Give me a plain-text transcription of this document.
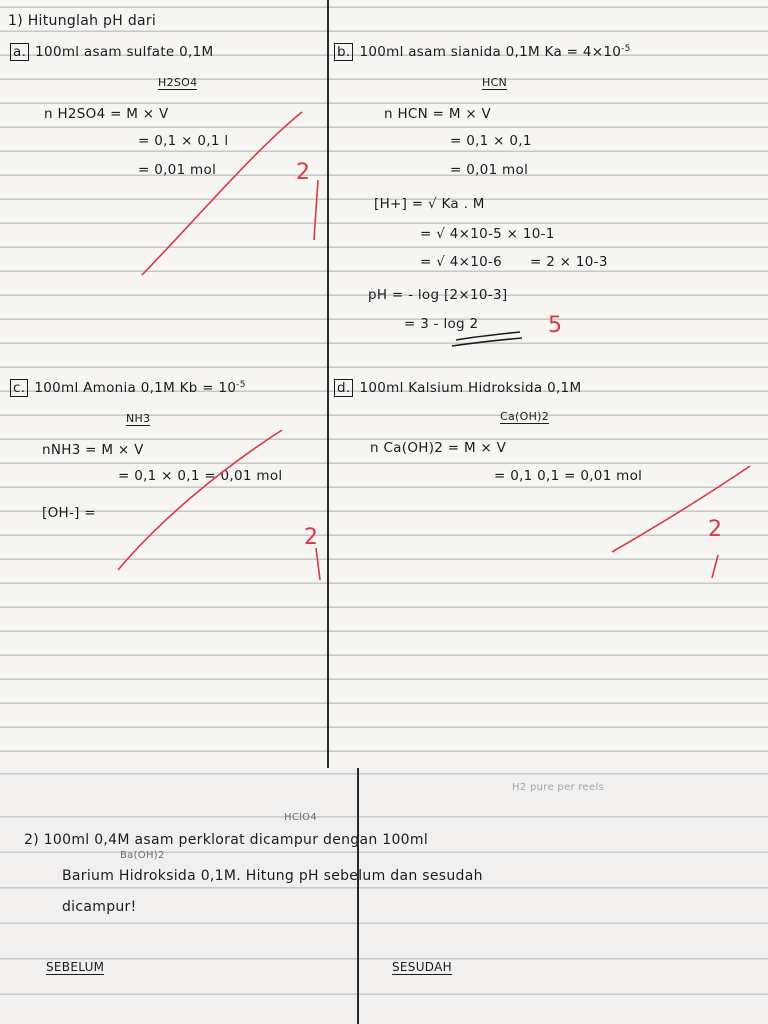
1) Hitunglah pH dari
a. 100ml asam sulfate 0,1M
H2SO4
n H2SO4 = M × V
= 0,1 × 0,1 l
= 0,01 mol	2
b. 100ml asam sianida 0,1M $Ka = 4\times 10^{-5}$
HCN
n HCN = M × V
= 0,1 × 0,1
= 0,01 mol
[H+] = √ Ka . M
= √ 4×10-5 × 10-1
= √ 4×10-6 = 2 × 10-3
pH = - log [2×10-3]
= 3 - log 2	5
c. 100ml Amonia 0,1M $Kb = 10^{-5}$
NH3
nNH3 = M × V
= 0,1 × 0,1 = 0,01 mol
[OH-] =
2
d. 100ml Kalsium Hidroksida 0,1M
Ca(OH)2
n Ca(OH)2 = M × V
= 0,1 0,1 = 0,01 mol
2
H2 pure per reels
HClO4
2) 100ml 0,4M asam perklorat dicampur dengan 100ml
Ba(OH)2
Barium Hidroksida 0,1M. Hitung pH sebelum dan sesudah
dicampur!
SEBELUM	SESUDAH
